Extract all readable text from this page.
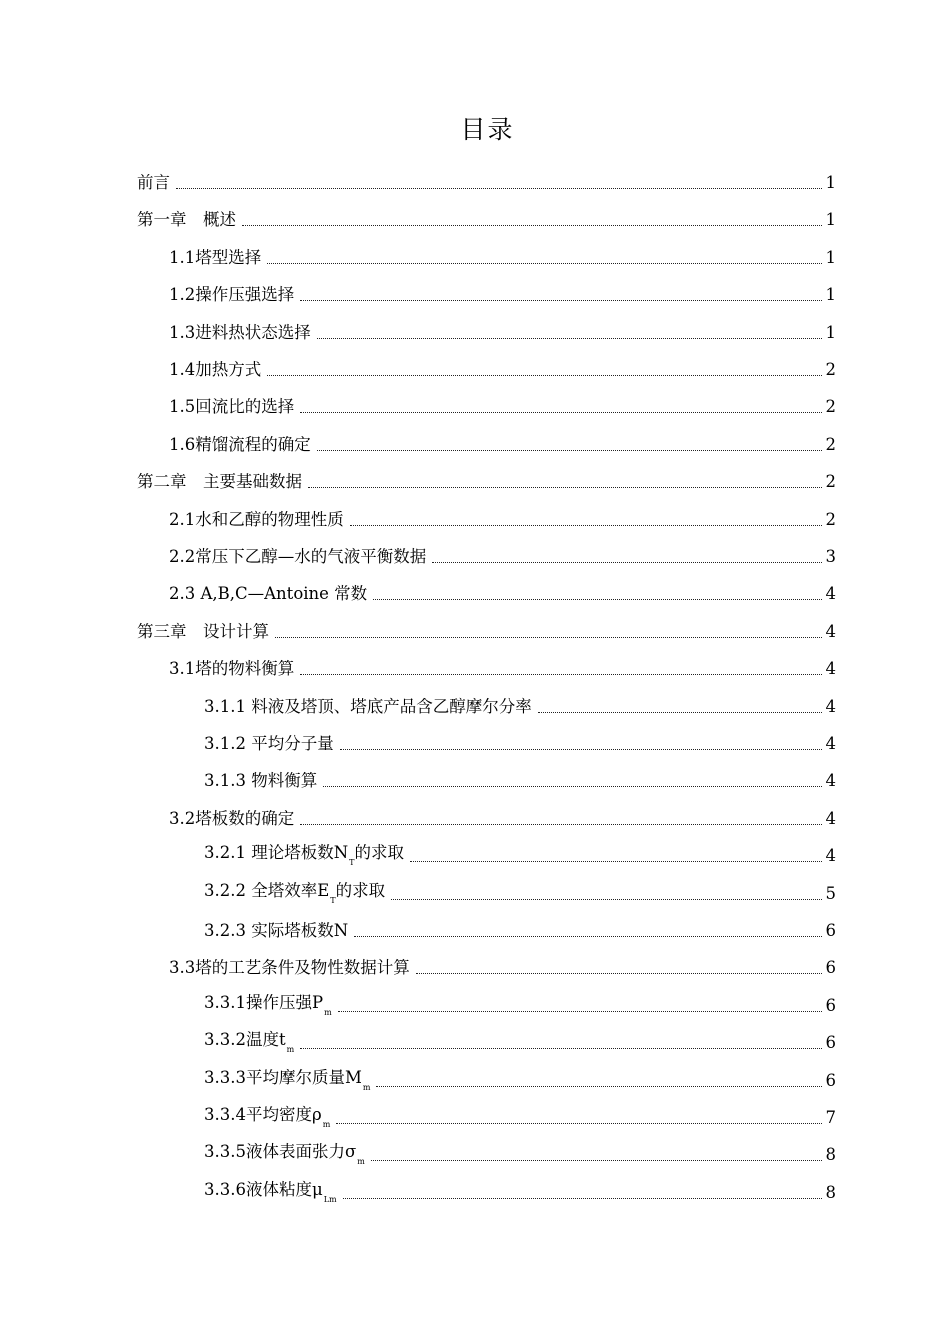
目录
前言	1
第一章　概述	1
1.1塔型选择	1
1.2操作压强选择	1
1.3进料热状态选择	1
1.4加热方式	2
1.5回流比的选择	2
1.6精馏流程的确定	2
第二章　主要基础数据	2
2.1水和乙醇的物理性质	2
2.2常压下乙醇—水的气液平衡数据	3
2.3 A,B,C—Antoine 常数	4
第三章　设计计算	4
3.1塔的物料衡算	4
3.1.1 料液及塔顶、塔底产品含乙醇摩尔分率	4
3.1.2 平均分子量	4
3.1.3 物料衡算	4
3.2塔板数的确定	4
3.2.1 理论塔板数$N_T$的求取	4
3.2.2 全塔效率$E_T$的求取	5
3.2.3 实际塔板数N	6
3.3塔的工艺条件及物性数据计算	6
3.3.1操作压强$P_m$	6
3.3.2温度$t_m$	6
3.3.3平均摩尔质量$M_m$	6
3.3.4平均密度$\rho_m$	7
3.3.5液体表面张力$\sigma_m$	8
3.3.6液体粘度$\mu_{Lm}$	8
